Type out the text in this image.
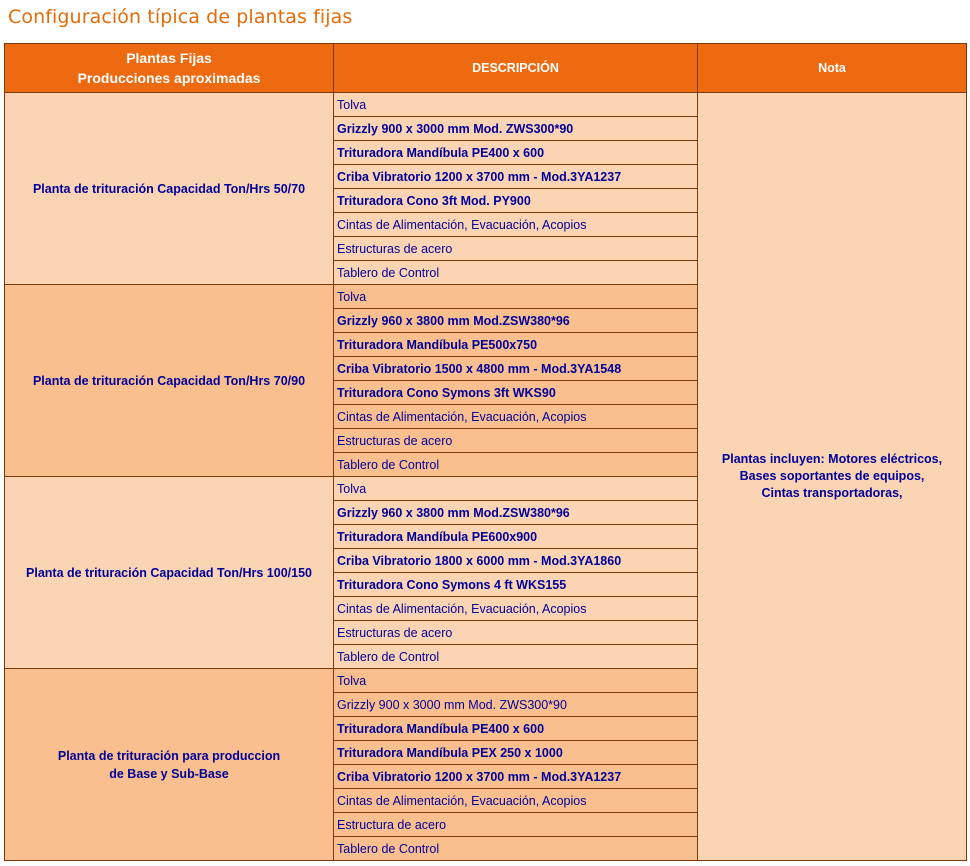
Configuración típica de plantas fijas
Plantas Fijas
Producciones aproximadas	DESCRIPCIÓN	Nota
Planta de trituración Capacidad Ton/Hrs 50/70	Tolva	Plantas incluyen: Motores eléctricos,
Bases soportantes de equipos,
Cintas transportadoras,

	Grizzly 900 x 3000 mm Mod. ZWS300*90	
	Trituradora Mandíbula PE400 x 600	
	Criba Vibratorio 1200 x 3700 mm - Mod.3YA1237	
	Trituradora Cono 3ft Mod. PY900	
	Cintas de Alimentación, Evacuación, Acopios	
	Estructuras de acero	
	Tablero de Control	
Planta de trituración Capacidad Ton/Hrs 70/90	Tolva	
	Grizzly 960 x 3800 mm Mod.ZSW380*96	
	Trituradora Mandíbula PE500x750	
	Criba Vibratorio 1500 x 4800 mm - Mod.3YA1548	
	Trituradora Cono Symons 3ft WKS90	
	Cintas de Alimentación, Evacuación, Acopios	
	Estructuras de acero	
	Tablero de Control	
Planta de trituración Capacidad Ton/Hrs 100/150	Tolva	
	Grizzly 960 x 3800 mm Mod.ZSW380*96	
	Trituradora Mandíbula PE600x900	
	Criba Vibratorio 1800 x 6000 mm - Mod.3YA1860	
	Trituradora Cono Symons 4 ft WKS155	
	Cintas de Alimentación, Evacuación, Acopios	
	Estructuras de acero	
	Tablero de Control	
Planta de trituración para produccion
de Base y Sub-Base	Tolva	
	Grizzly 900 x 3000 mm Mod. ZWS300*90	
	Trituradora Mandíbula PE400 x 600	
	Trituradora Mandíbula PEX 250 x 1000	
	Criba Vibratorio 1200 x 3700 mm - Mod.3YA1237	
	Cintas de Alimentación, Evacuación, Acopios	
	Estructura de acero	
	Tablero de Control	
